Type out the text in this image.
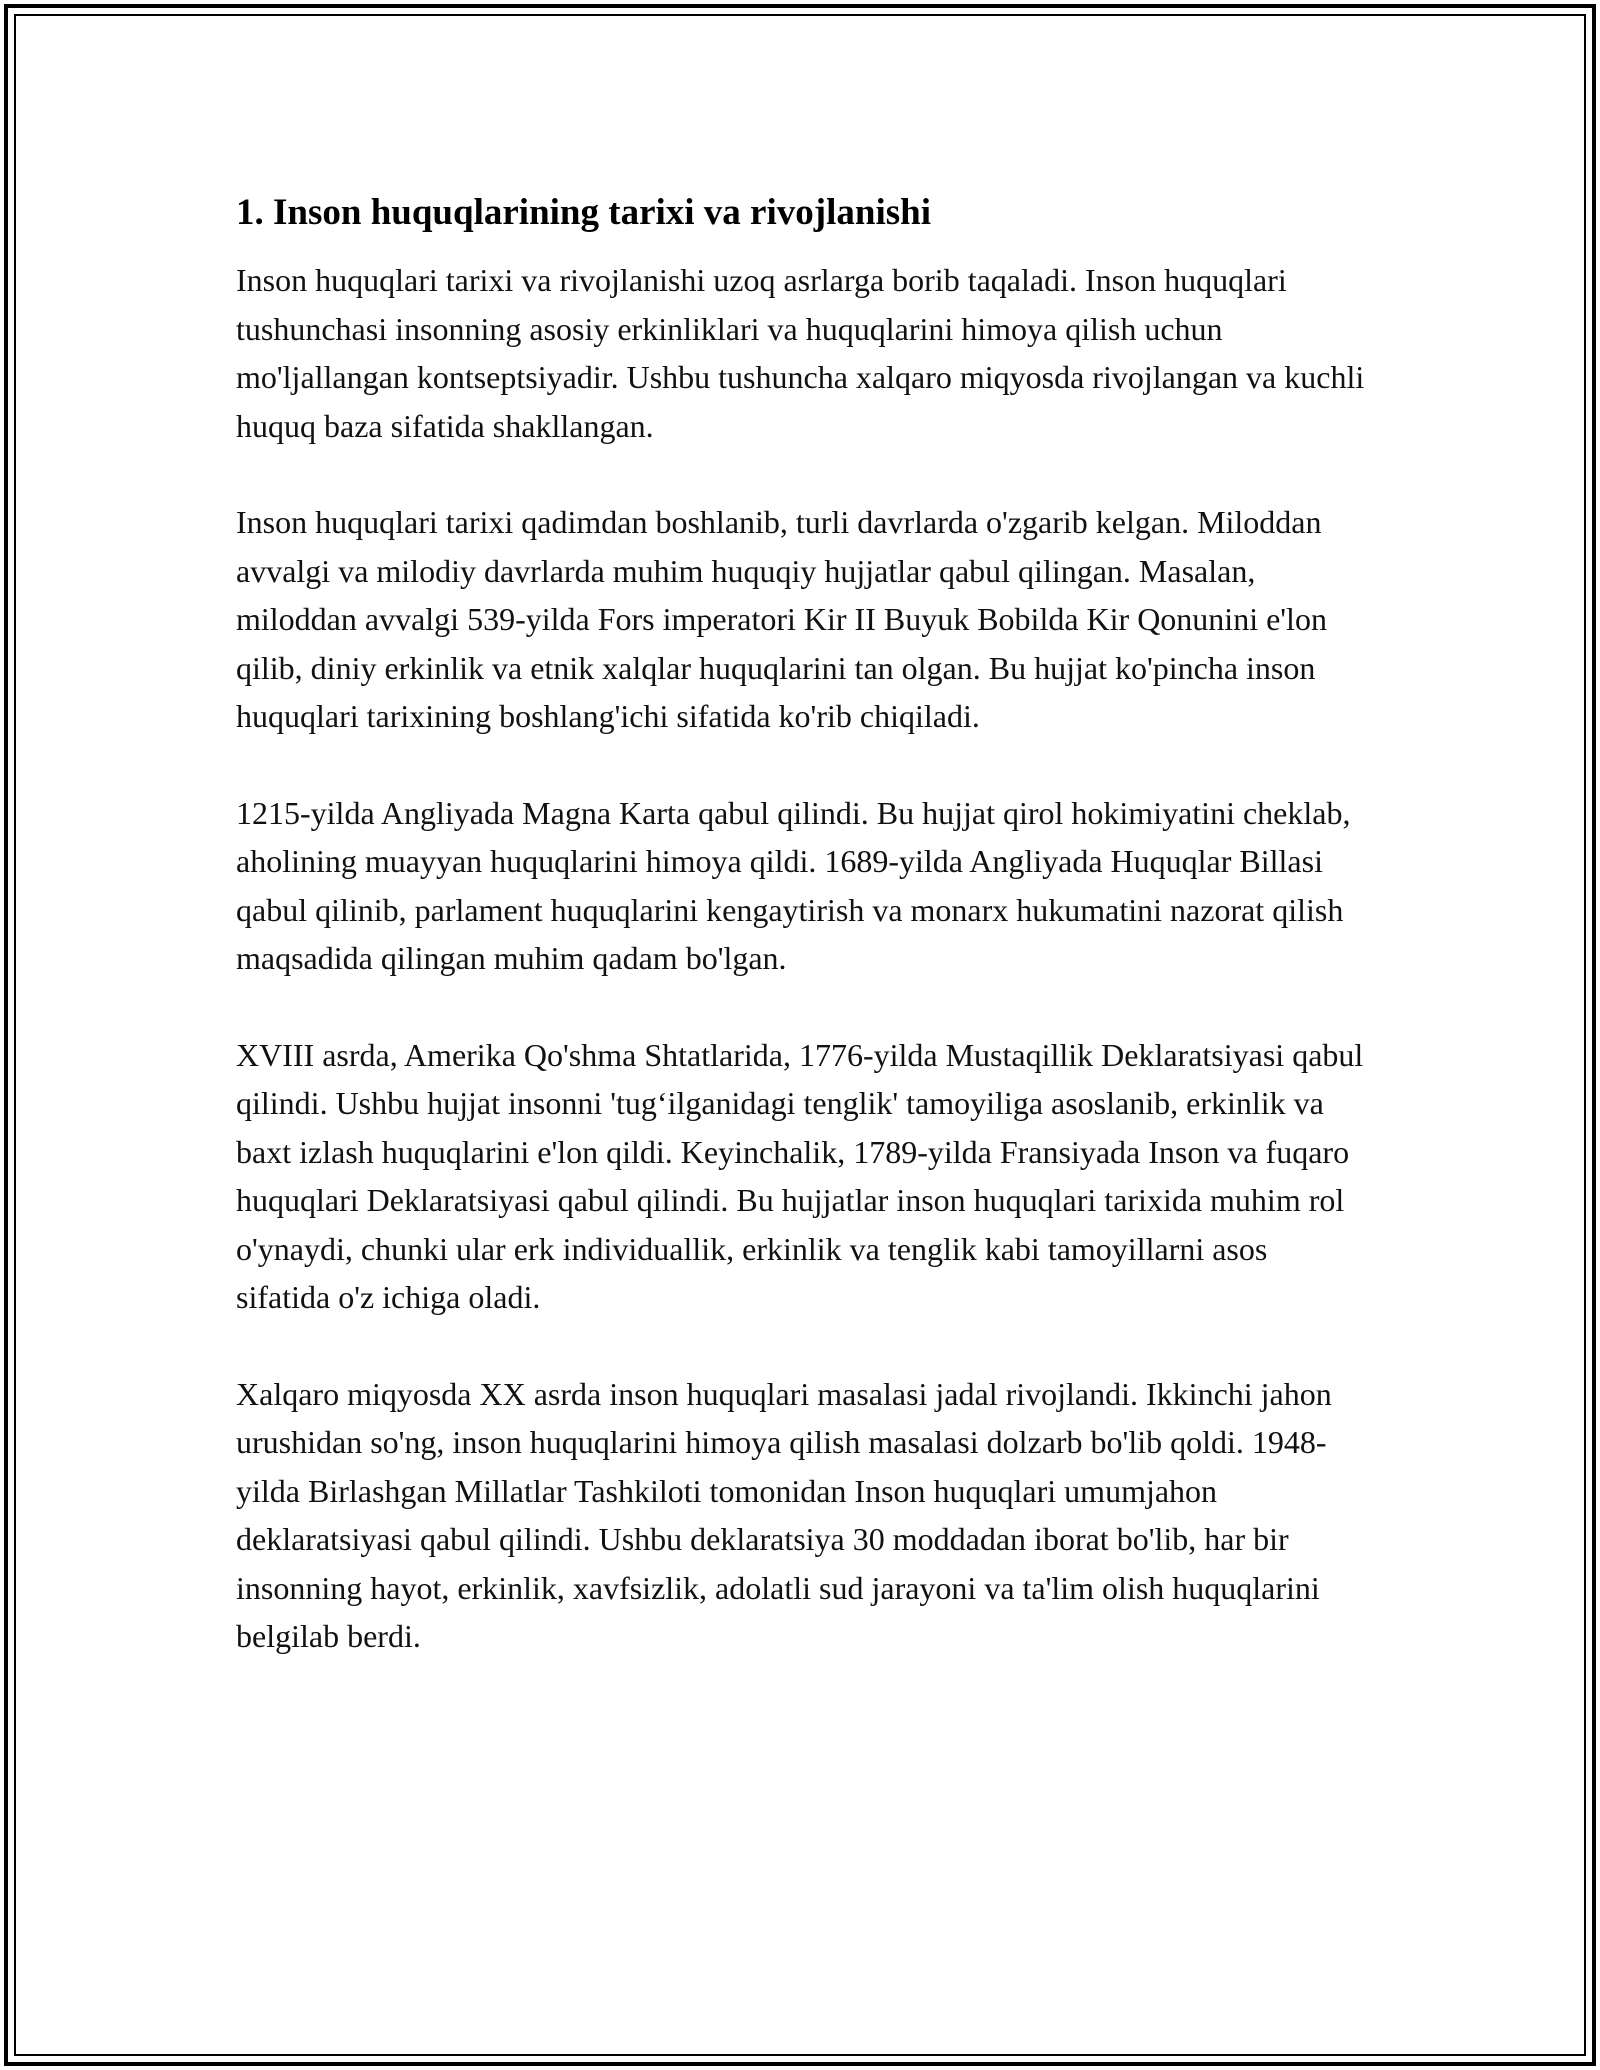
1. Inson huquqlarining tarixi va rivojlanishi

Inson huquqlari tarixi va rivojlanishi uzoq asrlarga borib taqaladi. Inson huquqlari tushunchasi insonning asosiy erkinliklari va huquqlarini himoya qilish uchun mo'ljallangan kontseptsiyadir. Ushbu tushuncha xalqaro miqyosda rivojlangan va kuchli huquq baza sifatida shakllangan.

Inson huquqlari tarixi qadimdan boshlanib, turli davrlarda o'zgarib kelgan. Miloddan avvalgi va milodiy davrlarda muhim huquqiy hujjatlar qabul qilingan. Masalan, miloddan avvalgi 539-yilda Fors imperatori Kir II Buyuk Bobilda Kir Qonunini e'lon qilib, diniy erkinlik va etnik xalqlar huquqlarini tan olgan. Bu hujjat ko'pincha inson huquqlari tarixining boshlang'ichi sifatida ko'rib chiqiladi.

1215-yilda Angliyada Magna Karta qabul qilindi. Bu hujjat qirol hokimiyatini cheklab, aholining muayyan huquqlarini himoya qildi. 1689-yilda Angliyada Huquqlar Billasi qabul qilinib, parlament huquqlarini kengaytirish va monarx hukumatini nazorat qilish maqsadida qilingan muhim qadam bo'lgan.

XVIII asrda, Amerika Qo'shma Shtatlarida, 1776-yilda Mustaqillik Deklaratsiyasi qabul qilindi. Ushbu hujjat insonni 'tug‘ilganidagi tenglik' tamoyiliga asoslanib, erkinlik va baxt izlash huquqlarini e'lon qildi. Keyinchalik, 1789-yilda Fransiyada Inson va fuqaro huquqlari Deklaratsiyasi qabul qilindi. Bu hujjatlar inson huquqlari tarixida muhim rol o'ynaydi, chunki ular erk individuallik, erkinlik va tenglik kabi tamoyillarni asos sifatida o'z ichiga oladi.

Xalqaro miqyosda XX asrda inson huquqlari masalasi jadal rivojlandi. Ikkinchi jahon urushidan so'ng, inson huquqlarini himoya qilish masalasi dolzarb bo'lib qoldi. 1948-yilda Birlashgan Millatlar Tashkiloti tomonidan Inson huquqlari umumjahon deklaratsiyasi qabul qilindi. Ushbu deklaratsiya 30 moddadan iborat bo'lib, har bir insonning hayot, erkinlik, xavfsizlik, adolatli sud jarayoni va ta'lim olish huquqlarini belgilab berdi.
